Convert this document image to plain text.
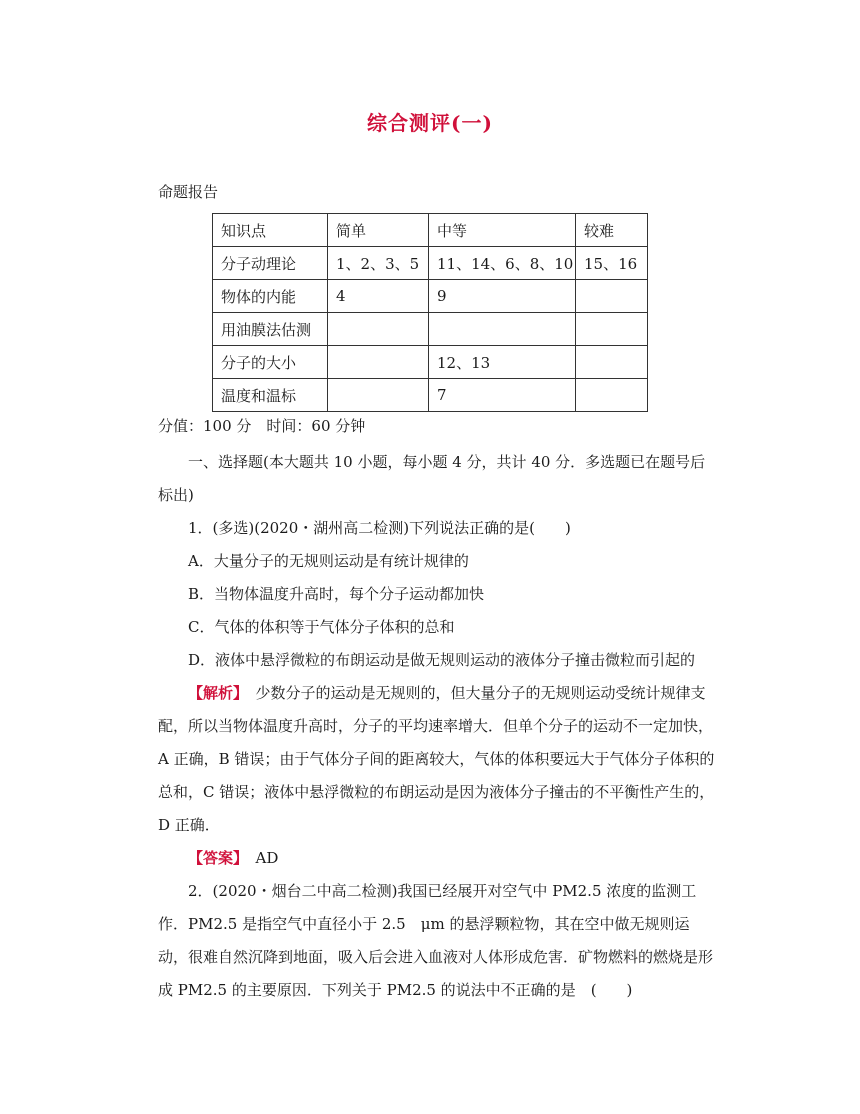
综合测评(一)
命题报告
知识点	简单	中等	较难
分子动理论	1、2、3、5	11、14、6、8、10	15、16
物体的内能	4	9	
用油膜法估测			
分子的大小		12、13	
温度和温标		7	
分值：100 分　时间：60 分钟

一、选择题(本大题共 10 小题，每小题 4 分，共计 40 分．多选题已在题号后标出)

1．(多选)(2020・湖州高二检测)下列说法正确的是(　　)

A．大量分子的无规则运动是有统计规律的

B．当物体温度升高时，每个分子运动都加快

C．气体的体积等于气体分子体积的总和

D．液体中悬浮微粒的布朗运动是做无规则运动的液体分子撞击微粒而引起的

【解析】　少数分子的运动是无规则的，但大量分子的无规则运动受统计规律支配，所以当物体温度升高时，分子的平均速率增大．但单个分子的运动不一定加快，A 正确，B 错误；由于气体分子间的距离较大，气体的体积要远大于气体分子体积的总和，C 错误；液体中悬浮微粒的布朗运动是因为液体分子撞击的不平衡性产生的，D 正确．

【答案】　AD

2．(2020・烟台二中高二检测)我国已经展开对空气中 PM2.5 浓度的监测工作．PM2.5 是指空气中直径小于 2.5　μm 的悬浮颗粒物，其在空中做无规则运动，很难自然沉降到地面，吸入后会进入血液对人体形成危害．矿物燃料的燃烧是形成 PM2.5 的主要原因．下列关于 PM2.5 的说法中不正确的是　(　　)
